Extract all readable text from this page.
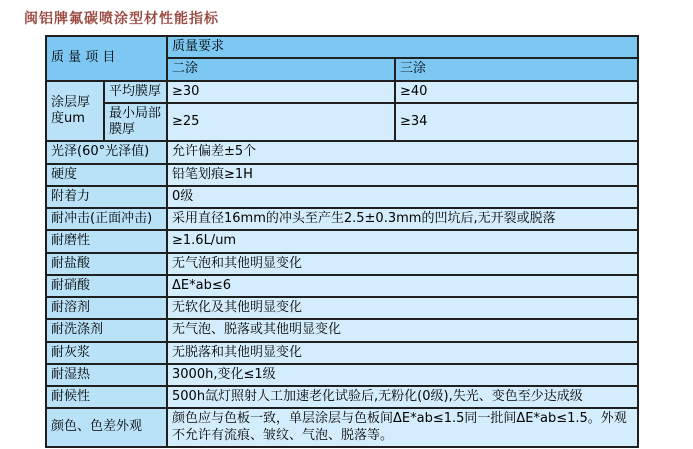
闽铝牌氟碳喷涂型材性能指标
质 量 项 目		质量要求	
		二涂	三涂
涂层厚度um	平均膜厚	≥30	≥40
	最小局部膜厚	≥25	≥34
光泽(60°光泽值)		允许偏差±5个	
硬度		铅笔划痕≥1H	
附着力		0级	
耐冲击(正面冲击)		采用直径16mm的冲头至产生2.5±0.3mm的凹坑后,无开裂或脱落	
耐磨性		≥1.6L/um	
耐盐酸		无气泡和其他明显变化	
耐硝酸		ΔE*ab≤6	
耐溶剂		无软化及其他明显变化	
耐洗涤剂		无气泡、脱落或其他明显变化	
耐灰浆		无脱落和其他明显变化	
耐湿热		3000h,变化≤1级	
耐候性		500h氙灯照射人工加速老化试验后,无粉化(0级),失光、变色至少达成级	
颜色、色差外观		颜色应与色板一致，单层涂层与色板间ΔE*ab≤1.5同一批间ΔE*ab≤1.5。外观不允许有流痕、皱纹、气泡、脱落等。	
